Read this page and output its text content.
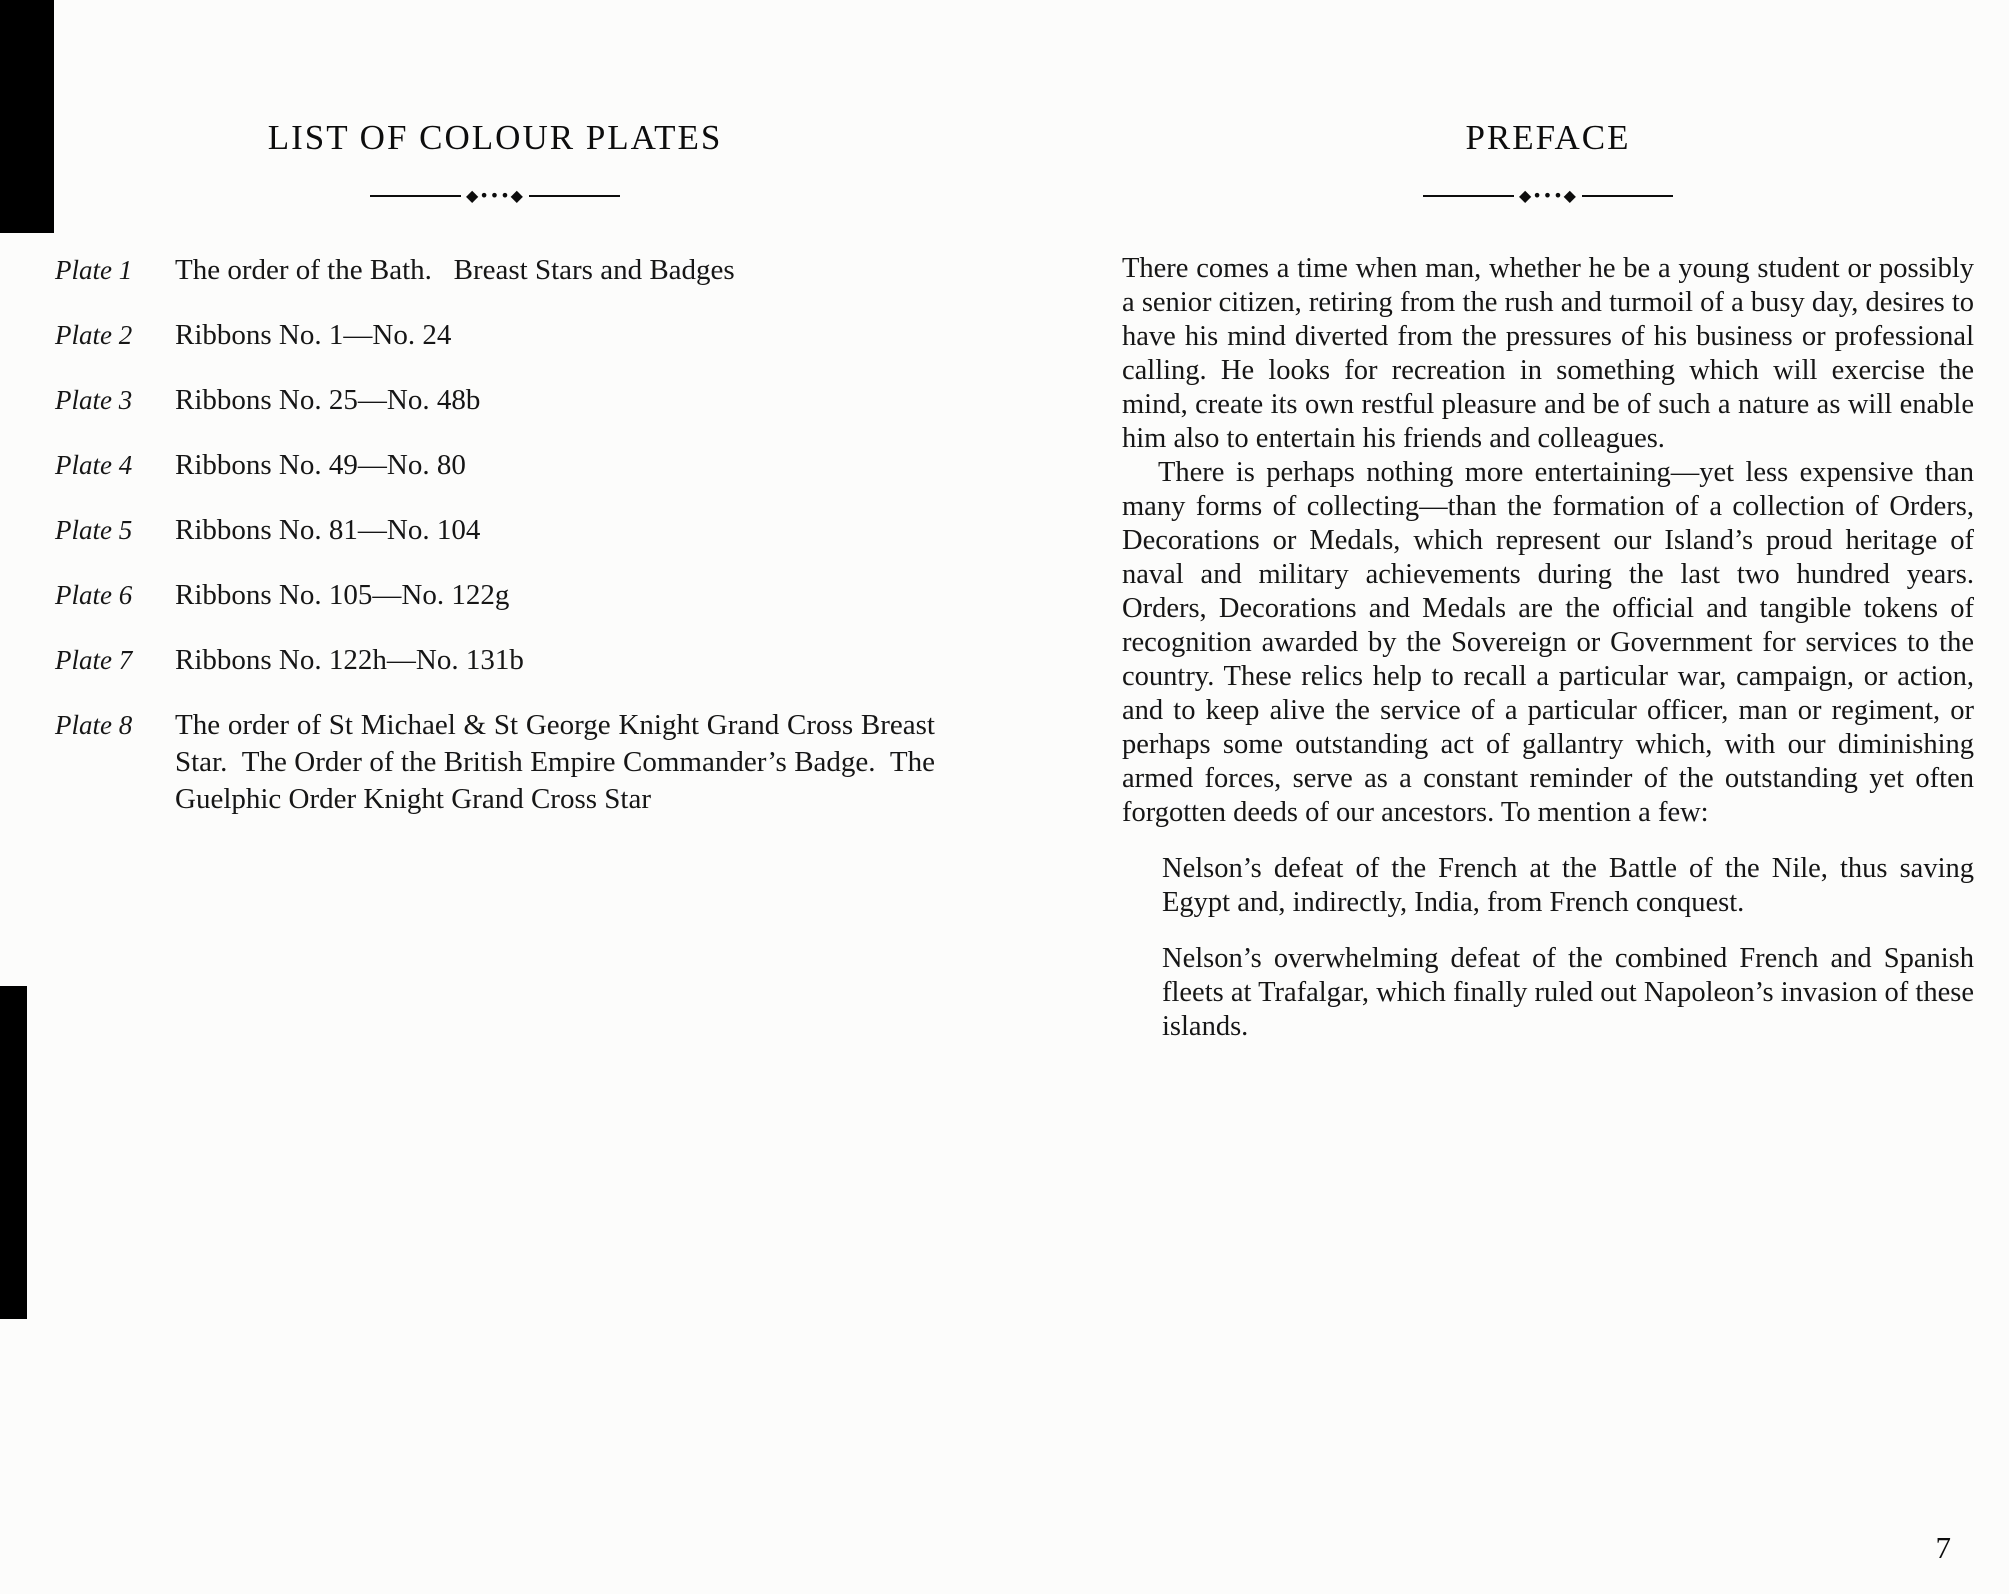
LIST OF COLOUR PLATES
◆•••◆
Plate 1	The order of the Bath.   Breast Stars and Badges
Plate 2	Ribbons No. 1—No. 24
Plate 3	Ribbons No. 25—No. 48b
Plate 4	Ribbons No. 49—No. 80
Plate 5	Ribbons No. 81—No. 104
Plate 6	Ribbons No. 105—No. 122g
Plate 7	Ribbons No. 122h—No. 131b
Plate 8	The order of St Michael & St George Knight Grand Cross Breast Star.  The Order of the British Empire Commander’s Badge.  The Guelphic Order Knight Grand Cross Star
PREFACE
◆•••◆

There comes a time when man, whether he be a young student or possibly a senior citizen, retiring from the rush and turmoil of a busy day, desires to have his mind diverted from the pressures of his business or professional calling. He looks for recreation in something which will exercise the mind, create its own restful pleasure and be of such a nature as will enable him also to entertain his friends and colleagues.

There is perhaps nothing more entertaining—yet less expensive than many forms of collecting—than the formation of a collection of Orders, Decorations or Medals, which represent our Island’s proud heritage of naval and military achievements during the last two hundred years. Orders, Decorations and Medals are the official and tangible tokens of recognition awarded by the Sovereign or Government for services to the country. These relics help to recall a particular war, campaign, or action, and to keep alive the service of a particular officer, man or regiment, or perhaps some outstanding act of gallantry which, with our diminishing armed forces, serve as a constant reminder of the outstanding yet often forgotten deeds of our ancestors. To mention a few:

Nelson’s defeat of the French at the Battle of the Nile, thus saving Egypt and, indirectly, India, from French conquest.

Nelson’s overwhelming defeat of the combined French and Spanish fleets at Trafalgar, which finally ruled out Napoleon’s invasion of these islands.

7
